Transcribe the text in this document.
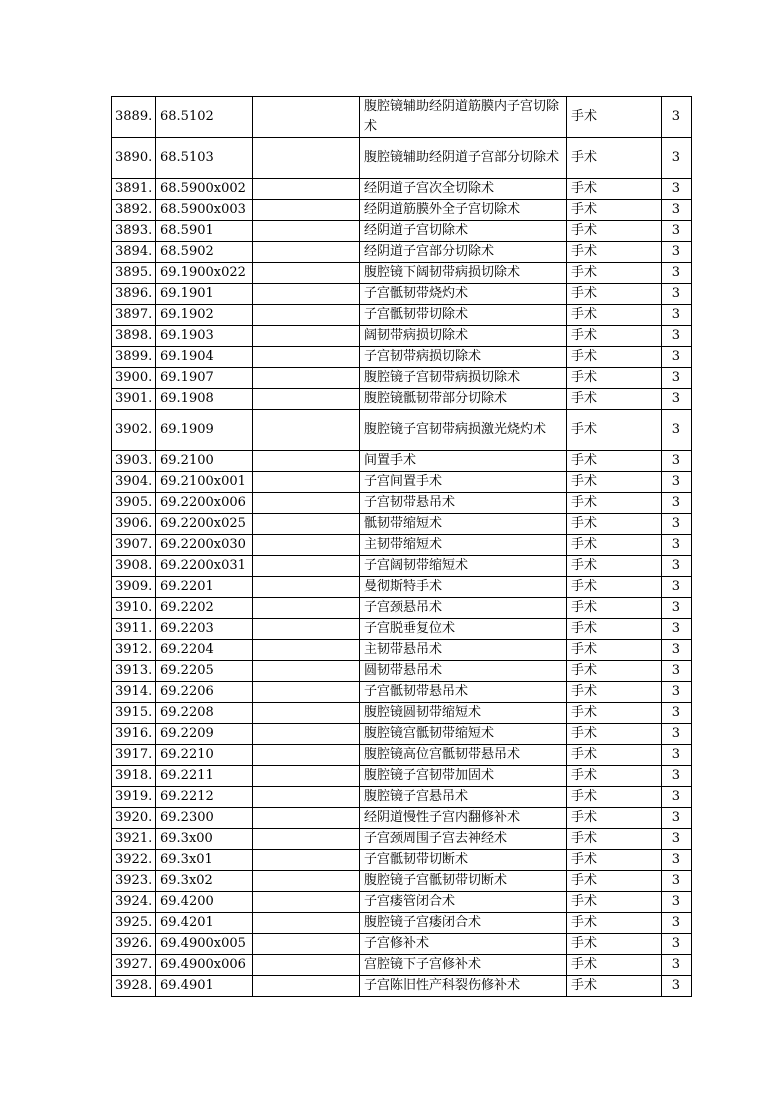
3889.	68.5102		腹腔镜辅助经阴道筋膜内子宫切除术	手术	3
3890.	68.5103		腹腔镜辅助经阴道子宫部分切除术	手术	3
3891.	68.5900x002		经阴道子宫次全切除术	手术	3
3892.	68.5900x003		经阴道筋膜外全子宫切除术	手术	3
3893.	68.5901		经阴道子宫切除术	手术	3
3894.	68.5902		经阴道子宫部分切除术	手术	3
3895.	69.1900x022		腹腔镜下阔韧带病损切除术	手术	3
3896.	69.1901		子宫骶韧带烧灼术	手术	3
3897.	69.1902		子宫骶韧带切除术	手术	3
3898.	69.1903		阔韧带病损切除术	手术	3
3899.	69.1904		子宫韧带病损切除术	手术	3
3900.	69.1907		腹腔镜子宫韧带病损切除术	手术	3
3901.	69.1908		腹腔镜骶韧带部分切除术	手术	3
3902.	69.1909		腹腔镜子宫韧带病损激光烧灼术	手术	3
3903.	69.2100		间置手术	手术	3
3904.	69.2100x001		子宫间置手术	手术	3
3905.	69.2200x006		子宫韧带悬吊术	手术	3
3906.	69.2200x025		骶韧带缩短术	手术	3
3907.	69.2200x030		主韧带缩短术	手术	3
3908.	69.2200x031		子宫阔韧带缩短术	手术	3
3909.	69.2201		曼彻斯特手术	手术	3
3910.	69.2202		子宫颈悬吊术	手术	3
3911.	69.2203		子宫脱垂复位术	手术	3
3912.	69.2204		主韧带悬吊术	手术	3
3913.	69.2205		圆韧带悬吊术	手术	3
3914.	69.2206		子宫骶韧带悬吊术	手术	3
3915.	69.2208		腹腔镜圆韧带缩短术	手术	3
3916.	69.2209		腹腔镜宫骶韧带缩短术	手术	3
3917.	69.2210		腹腔镜高位宫骶韧带悬吊术	手术	3
3918.	69.2211		腹腔镜子宫韧带加固术	手术	3
3919.	69.2212		腹腔镜子宫悬吊术	手术	3
3920.	69.2300		经阴道慢性子宫内翻修补术	手术	3
3921.	69.3x00		子宫颈周围子宫去神经术	手术	3
3922.	69.3x01		子宫骶韧带切断术	手术	3
3923.	69.3x02		腹腔镜子宫骶韧带切断术	手术	3
3924.	69.4200		子宫瘘管闭合术	手术	3
3925.	69.4201		腹腔镜子宫瘘闭合术	手术	3
3926.	69.4900x005		子宫修补术	手术	3
3927.	69.4900x006		宫腔镜下子宫修补术	手术	3
3928.	69.4901		子宫陈旧性产科裂伤修补术	手术	3
